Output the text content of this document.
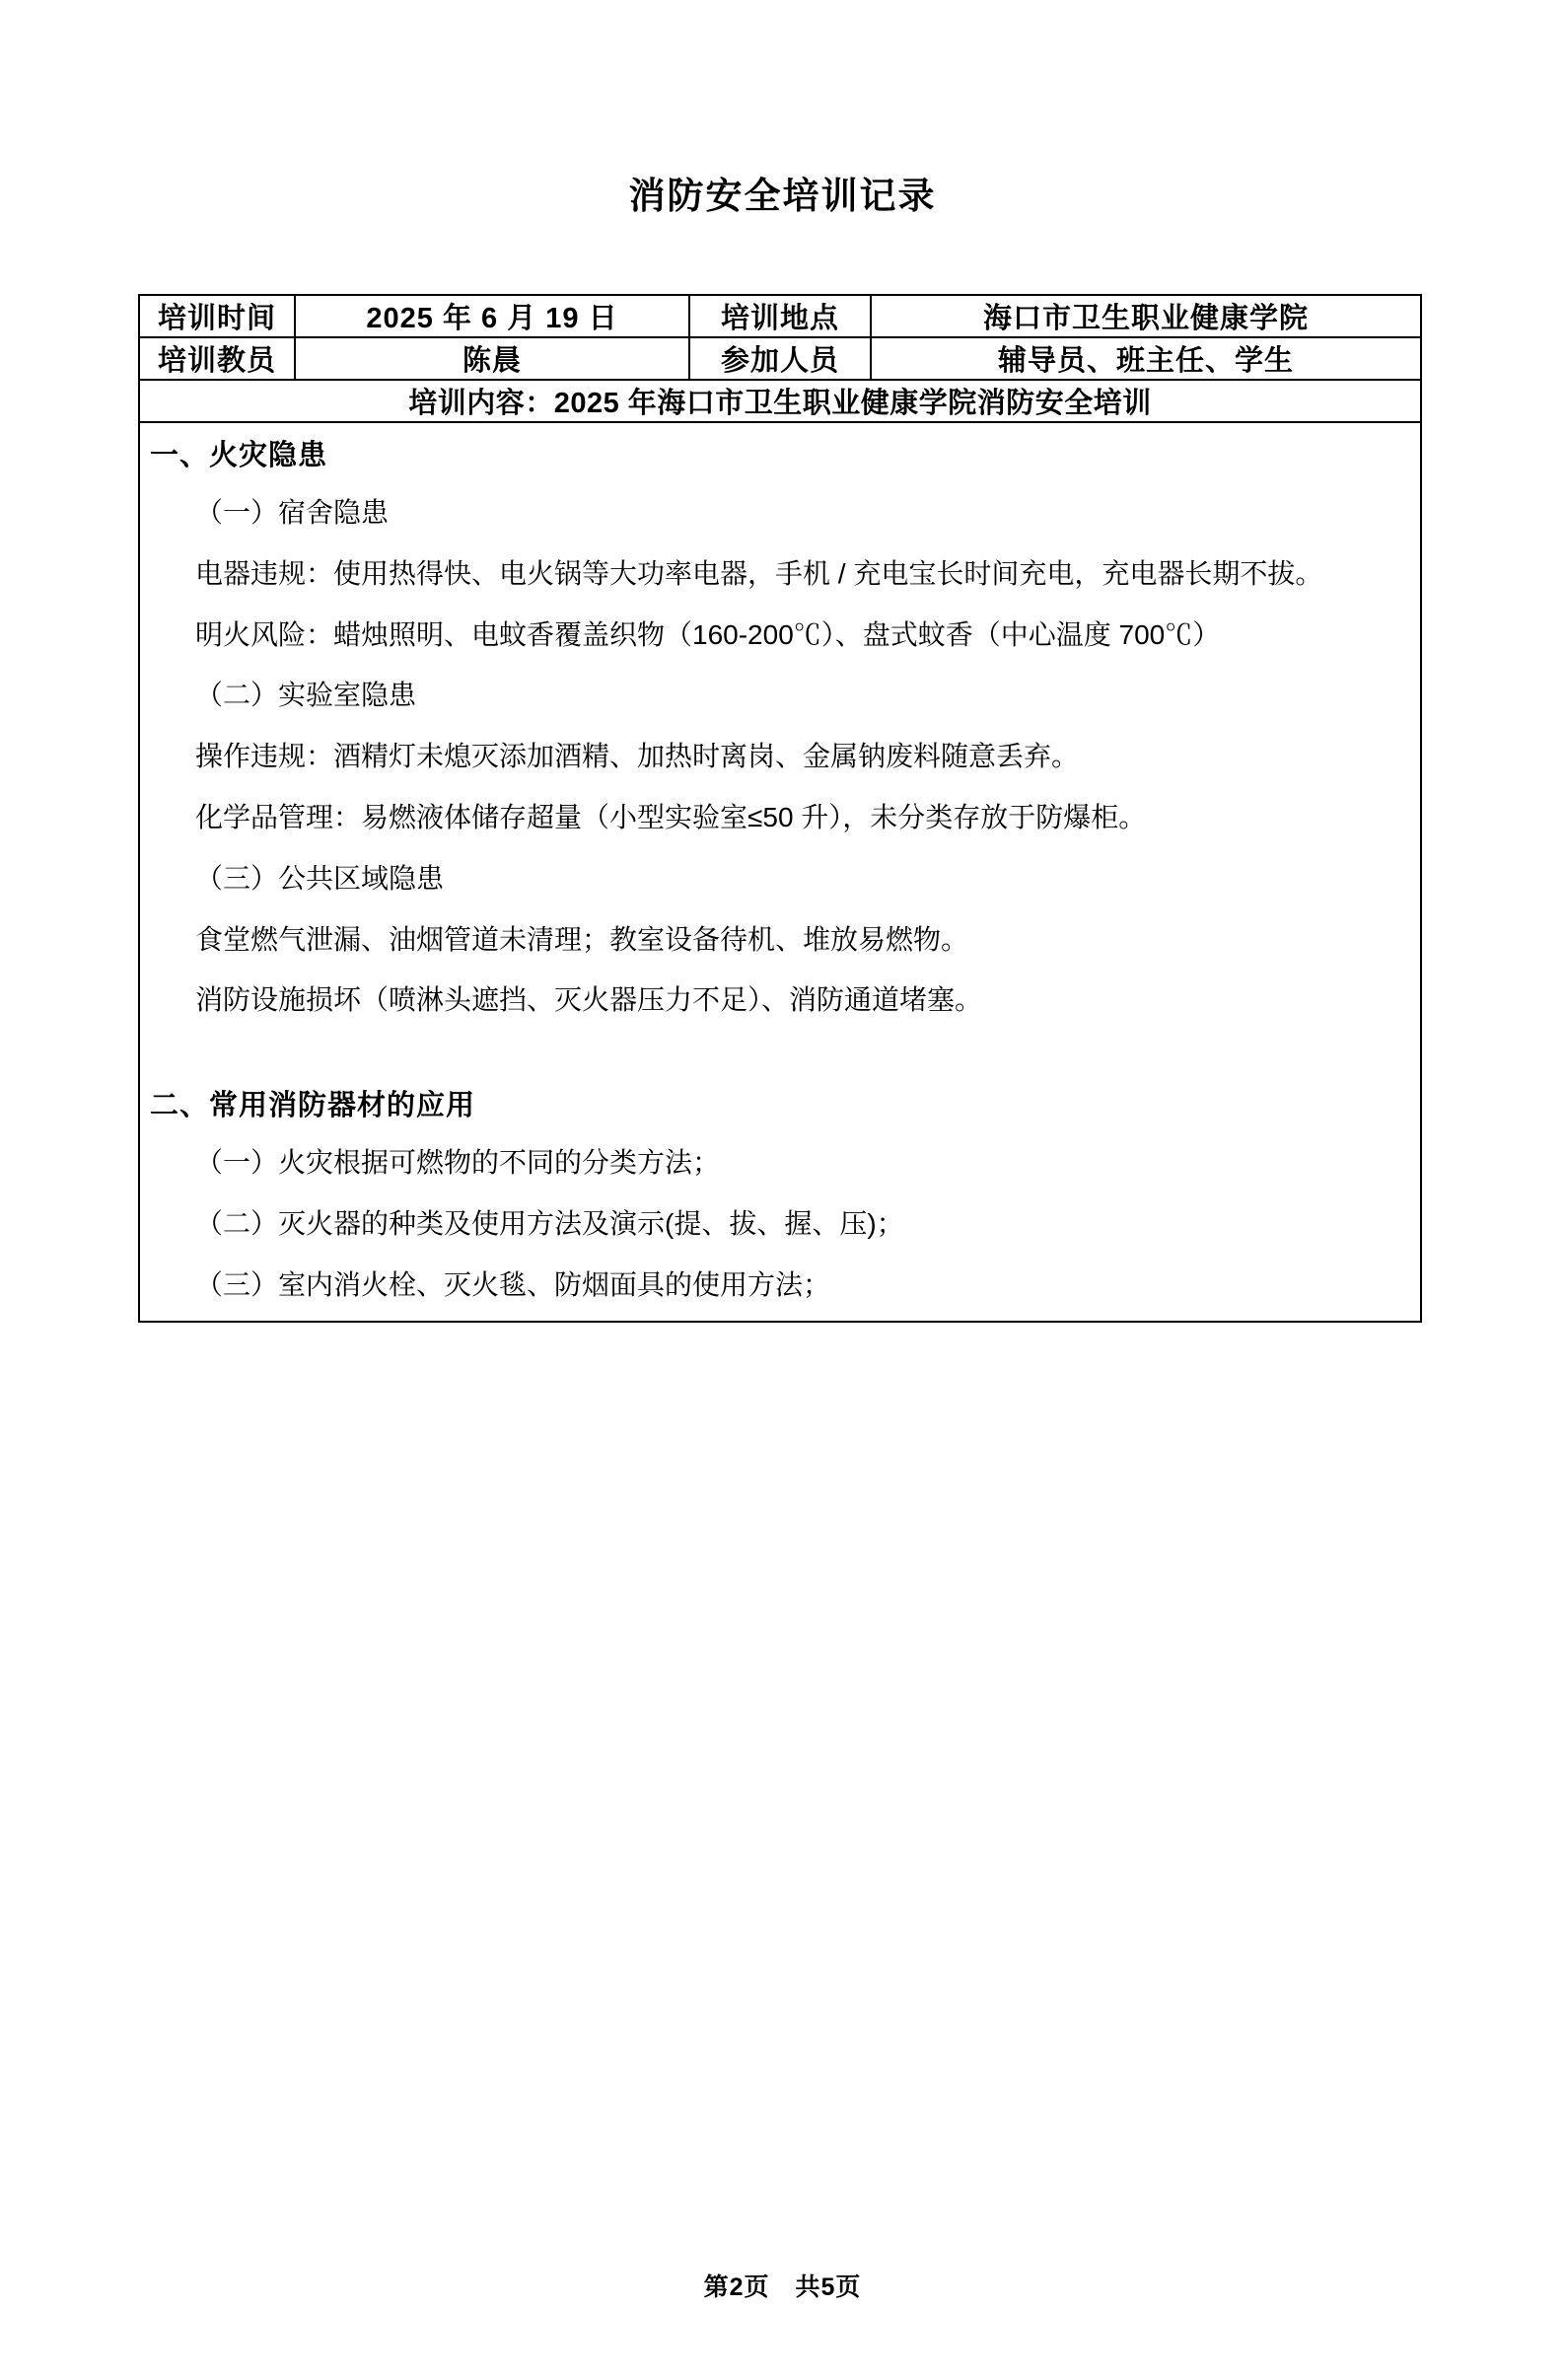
消防安全培训记录
培训时间	2025 年 6 月 19 日	培训地点	海口市卫生职业健康学院
培训教员	陈晨	参加人员	辅导员、班主任、学生
培训内容：2025 年海口市卫生职业健康学院消防安全培训			

一、火灾隐患

（一）宿舍隐患

电器违规：使用热得快、电火锅等大功率电器，手机 / 充电宝长时间充电，充电器长期不拔。

明火风险：蜡烛照明、电蚊香覆盖织物（160-200℃）、盘式蚊香（中心温度 700℃）

（二）实验室隐患

操作违规：酒精灯未熄灭添加酒精、加热时离岗、金属钠废料随意丢弃。

化学品管理：易燃液体储存超量（小型实验室≤50 升），未分类存放于防爆柜。

（三）公共区域隐患

食堂燃气泄漏、油烟管道未清理；教室设备待机、堆放易燃物。

消防设施损坏（喷淋头遮挡、灭火器压力不足）、消防通道堵塞。

二、常用消防器材的应用

（一）火灾根据可燃物的不同的分类方法；

（二）灭火器的种类及使用方法及演示(提、拔、握、压)；

（三）室内消火栓、灭火毯、防烟面具的使用方法；

第2页　共5页
